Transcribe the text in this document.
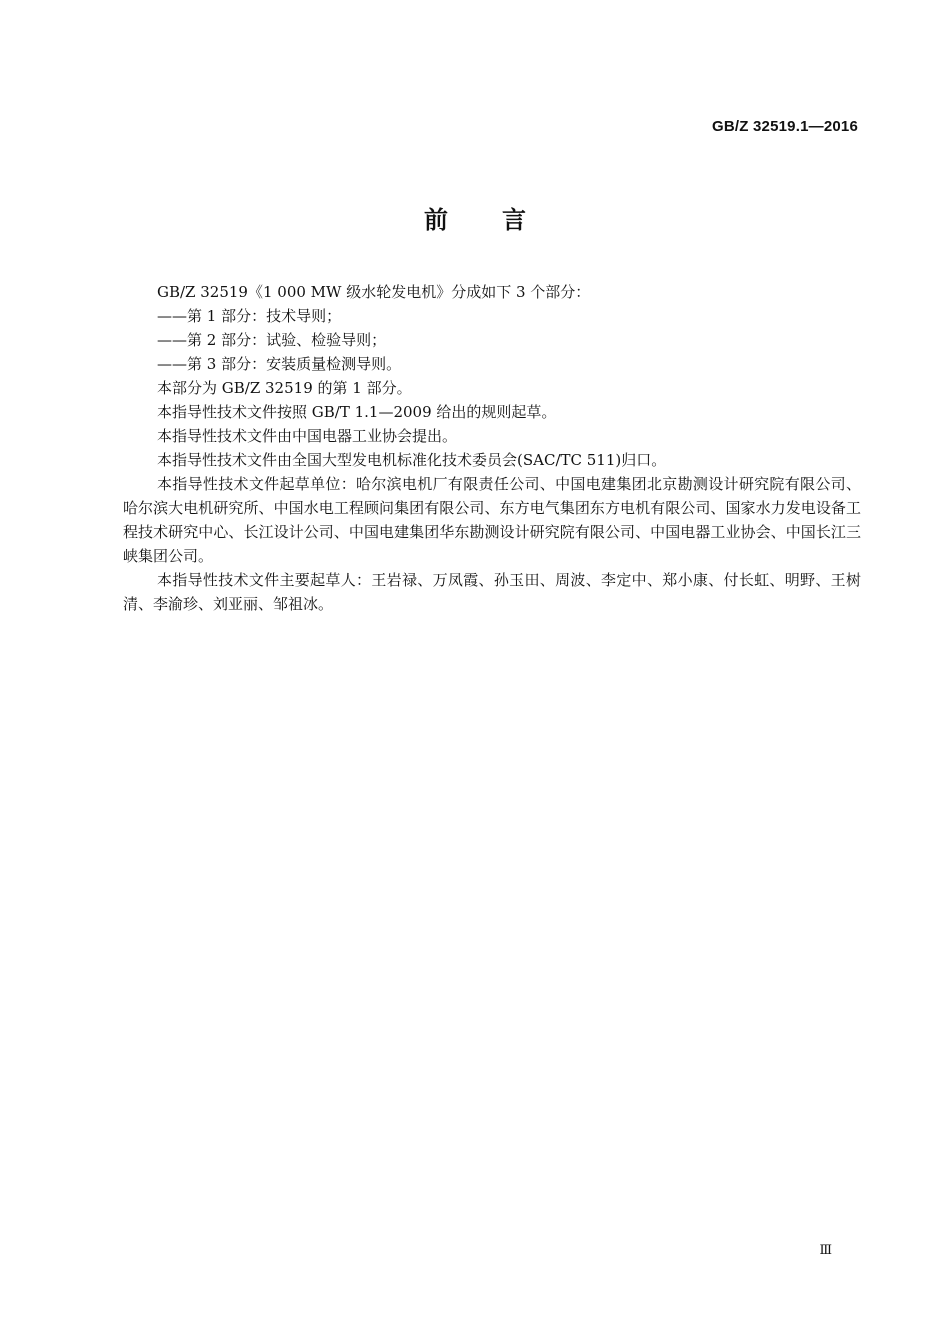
GB/Z 32519.1—2016
前言

GB/Z 32519《1 000 MW 级水轮发电机》分成如下 3 个部分：

——第 1 部分：技术导则；

——第 2 部分：试验、检验导则；

——第 3 部分：安装质量检测导则。

本部分为 GB/Z 32519 的第 1 部分。

本指导性技术文件按照 GB/T 1.1—2009 给出的规则起草。

本指导性技术文件由中国电器工业协会提出。

本指导性技术文件由全国大型发电机标准化技术委员会(SAC/TC 511)归口。

本指导性技术文件起草单位：哈尔滨电机厂有限责任公司、中国电建集团北京勘测设计研究院有限公司、哈尔滨大电机研究所、中国水电工程顾问集团有限公司、东方电气集团东方电机有限公司、国家水力发电设备工程技术研究中心、长江设计公司、中国电建集团华东勘测设计研究院有限公司、中国电器工业协会、中国长江三峡集团公司。

本指导性技术文件主要起草人：王岩禄、万凤霞、孙玉田、周波、李定中、郑小康、付长虹、明野、王树清、李渝珍、刘亚丽、邹祖冰。

Ⅲ
